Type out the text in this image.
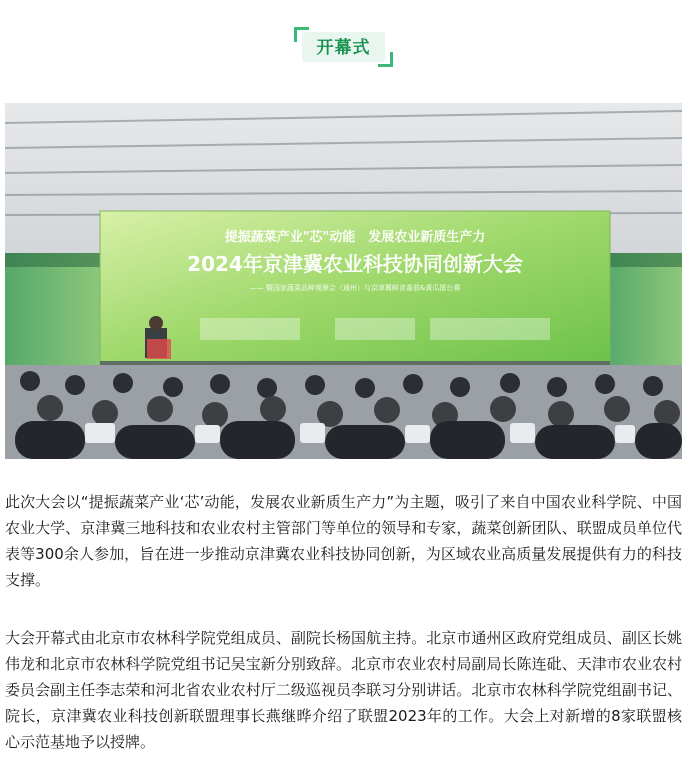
开幕式
提振蔬菜产业"芯"动能　发展农业新质生产力
2024年京津冀农业科技协同创新大会
—— 暨国家蔬菜品种观摩会（通州）与京津冀鲜食番茄&黄瓜擂台赛

此次大会以“提振蔬菜产业‘芯’动能，发展农业新质生产力”为主题，吸引了来自中国农业科学院、中国农业大学、京津冀三地科技和农业农村主管部门等单位的领导和专家，蔬菜创新团队、联盟成员单位代表等300余人参加，旨在进一步推动京津冀农业科技协同创新，为区域农业高质量发展提供有力的科技支撑。

大会开幕式由北京市农林科学院党组成员、副院长杨国航主持。北京市通州区政府党组成员、副区长姚伟龙和北京市农林科学院党组书记吴宝新分别致辞。北京市农业农村局副局长陈连砒、天津市农业农村委员会副主任李志荣和河北省农业农村厅二级巡视员李联习分别讲话。北京市农林科学院党组副书记、院长，京津冀农业科技创新联盟理事长燕继晔介绍了联盟2023年的工作。大会上对新增的8家联盟核心示范基地予以授牌。
